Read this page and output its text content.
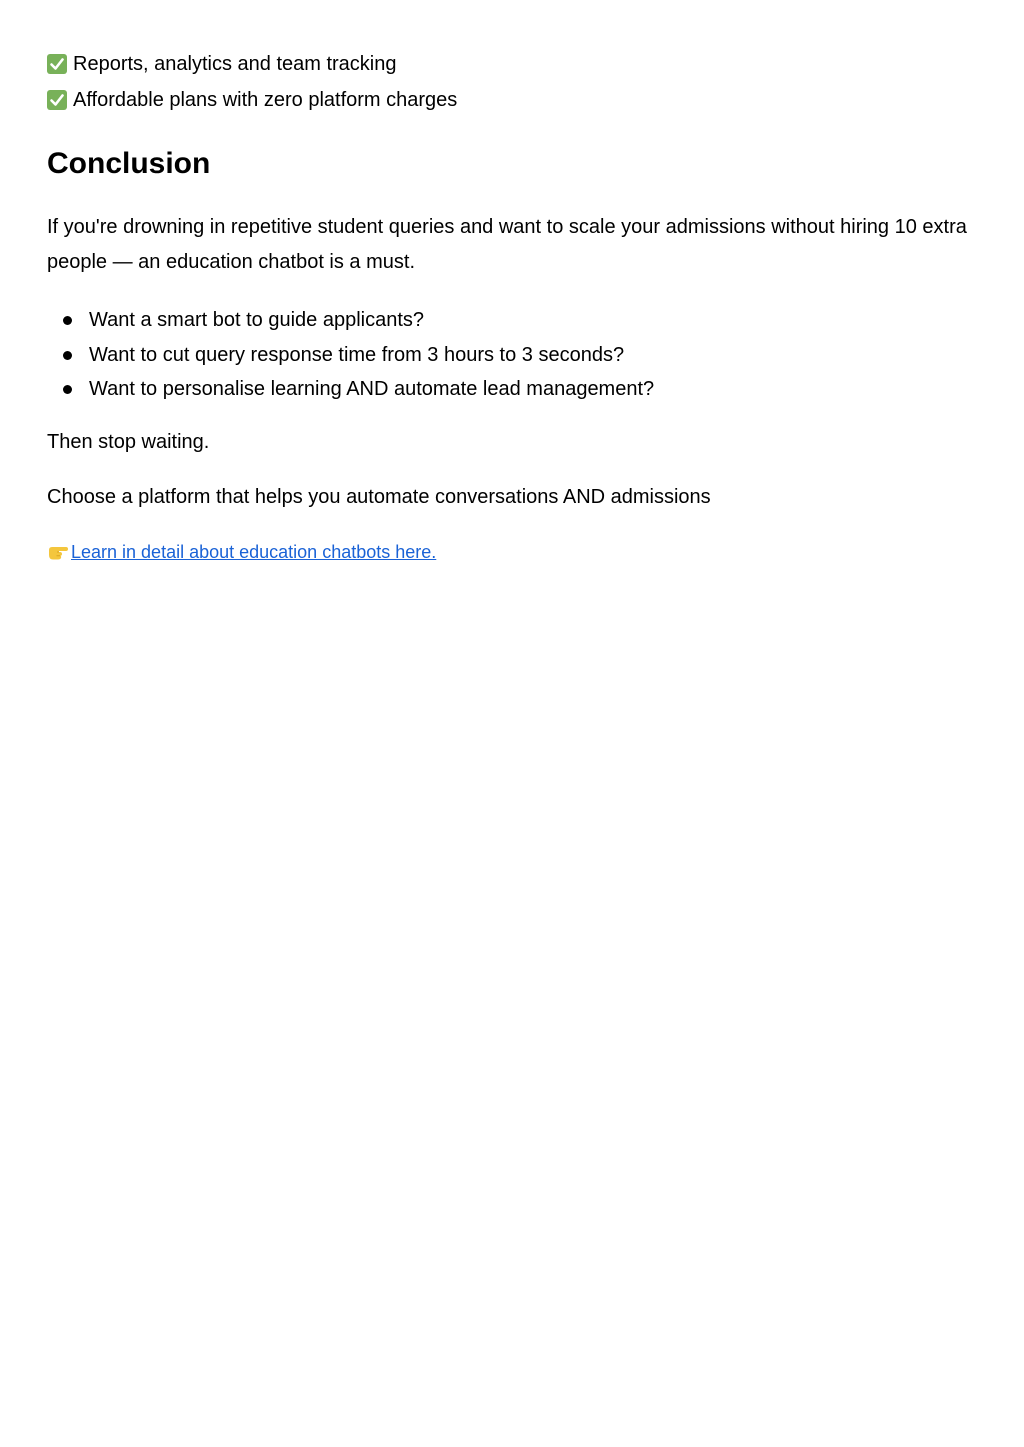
Reports, analytics and team tracking
Affordable plans with zero platform charges
Conclusion

If you're drowning in repetitive student queries and want to scale your admissions without hiring 10 extra people — an education chatbot is a must.

Want a smart bot to guide applicants?
Want to cut query response time from 3 hours to 3 seconds?
Want to personalise learning AND automate lead management?

Then stop waiting.

Choose a platform that helps you automate conversations AND admissions

Learn in detail about education chatbots here.
